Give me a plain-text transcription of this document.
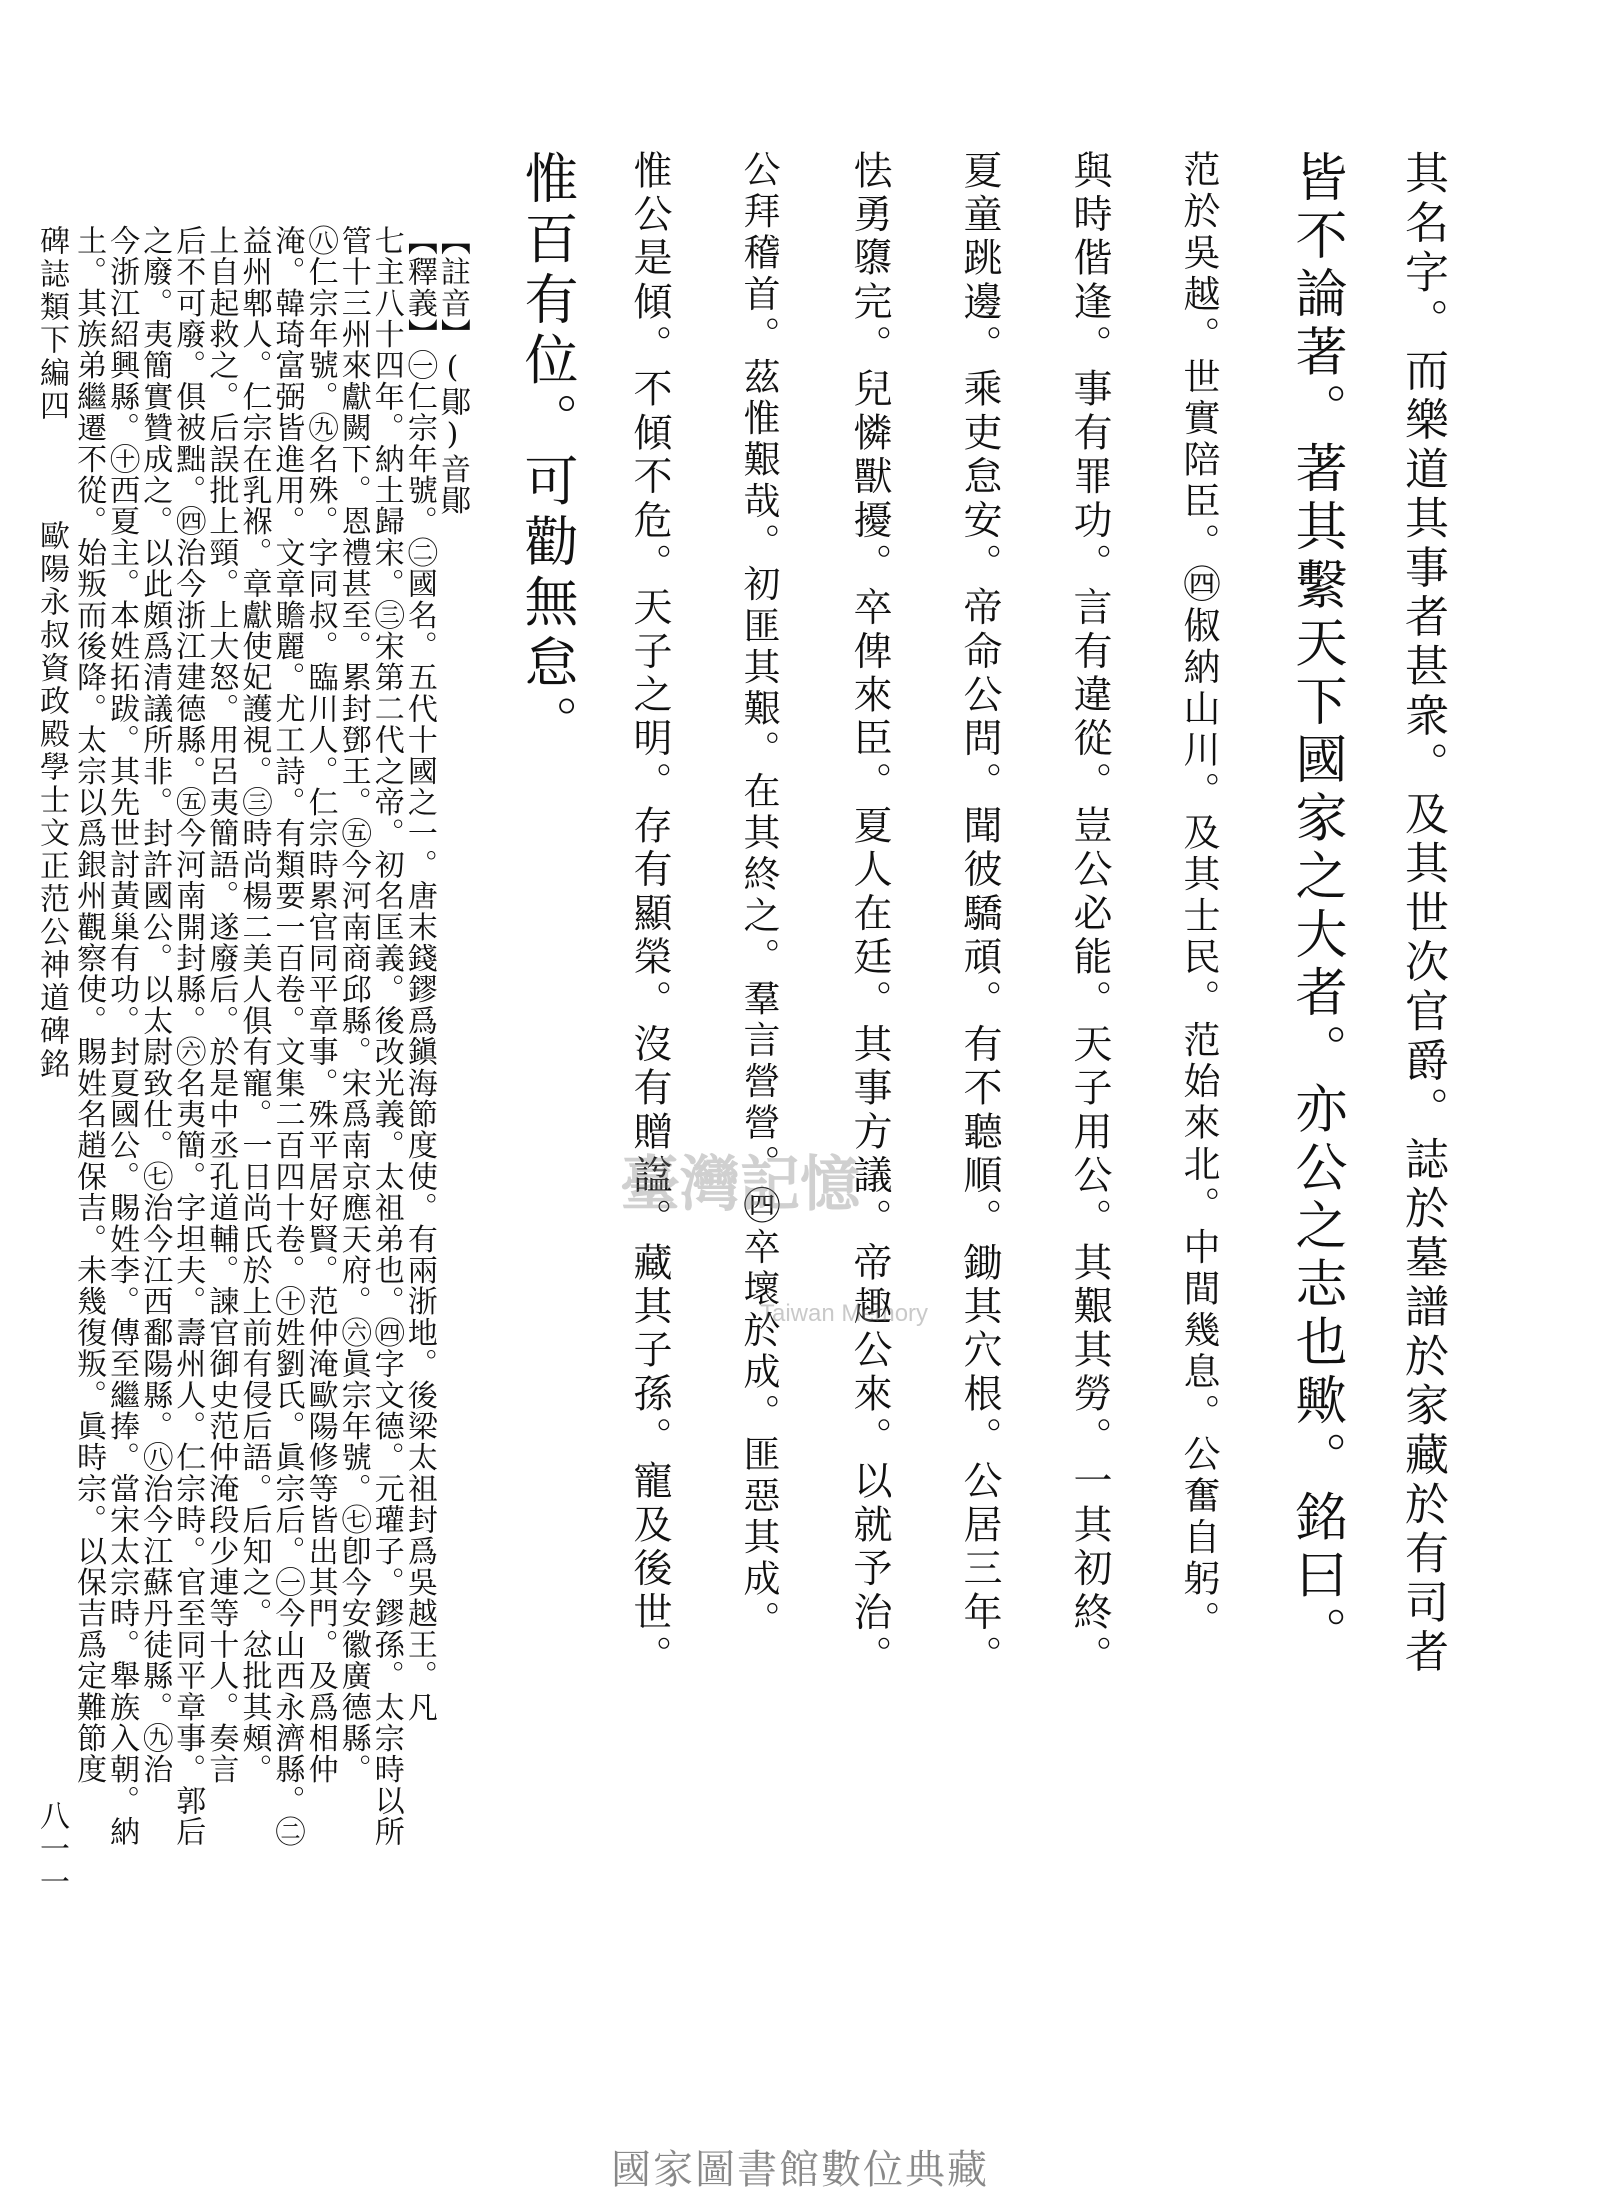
其名字。而樂道其事者甚衆。及其世次官爵。誌於墓譜於家藏於有司者
皆不論著。著其繫天下國家之大者。亦公之志也歟。銘曰。
范於吳越。世實陪臣。㊃俶納山川。及其士民。范始來北。中間幾息。公奮自躬。
與時偕逢。事有罪功。言有違從。豈公必能。天子用公。其艱其勞。一其初終。
夏童跳邊。乘吏怠安。帝命公問。聞彼驕頑。有不聽順。鋤其穴根。公居三年。
怯勇隳完。兒憐獸擾。卒俾來臣。夏人在廷。其事方議。帝趣公來。以就予治。
公拜稽首。茲惟艱哉。初匪其艱。在其終之。羣言營營。㊃卒壞於成。匪惡其成。
惟公是傾。不傾不危。天子之明。存有顯榮。沒有贈諡。藏其子孫。寵及後世。
惟百有位。可勸無怠。
臺灣記憶
Taiwan Memory
國家圖書館數位典藏
【註音】(鄖)音鄖
【釋義】㊀仁宗年號。㊁國名。五代十國之一。唐末錢鏐爲鎭海節度使。有兩浙地。後梁太祖封爲吳越王。凡
七主八十四年。納土歸宋。㊂宋第二代之帝。初名匡義。後改光義。太祖弟也。㊃字文德。元瓘子。鏐孫。太宗時以所
管十三州來獻闕下。恩禮甚至。累封鄧王。㊄今河南商邱縣。宋爲南京應天府。㊅眞宗年號。㊆卽今安徽廣德縣。
㊇仁宗年號。㊈名殊。字同叔。臨川人。仁宗時累官同平章事。殊平居好賢。范仲淹歐陽修等皆出其門。及爲相仲
淹。韓琦富弼皆進用。文章贍麗。尤工詩。有類要一百卷。文集二百四十卷。㊉姓劉氏。眞宗后。㊀今山西永濟縣。㊁
益州郫人。仁宗在乳褓。章獻使妃護視。㊂時尚楊二美人俱有寵。一日尚氏於上前有侵后語。后知之。忿批其頰。
上自起救之。后誤批上頸。上大怒。用呂夷簡語。遂廢后。於是中丞孔道輔。諫官御史范仲淹段少連等十人。奏言
后不可廢。俱被黜。㊃治今浙江建德縣。㊄今河南開封縣。㊅名夷簡。字坦夫。壽州人。仁宗時。官至同平章事。郭后
之廢。夷簡實贊成之。以此頗爲清議所非。封許國公。以太尉致仕。㊆治今江西鄱陽縣。㊇治今江蘇丹徒縣。㊈治
今浙江紹興縣。㊉西夏主。本姓拓跋。其先世討黃巢有功。封夏國公。賜姓李。傳至繼捧。當宋太宗時。舉族入朝。納
土。其族弟繼遷不從。始叛而後降。太宗以爲銀州觀察使。賜姓名趙保吉。未幾復叛。眞時宗。以保吉爲定難節度
碑誌類下編四
歐陽永叔資政殿學士文正范公神道碑銘
八一一
